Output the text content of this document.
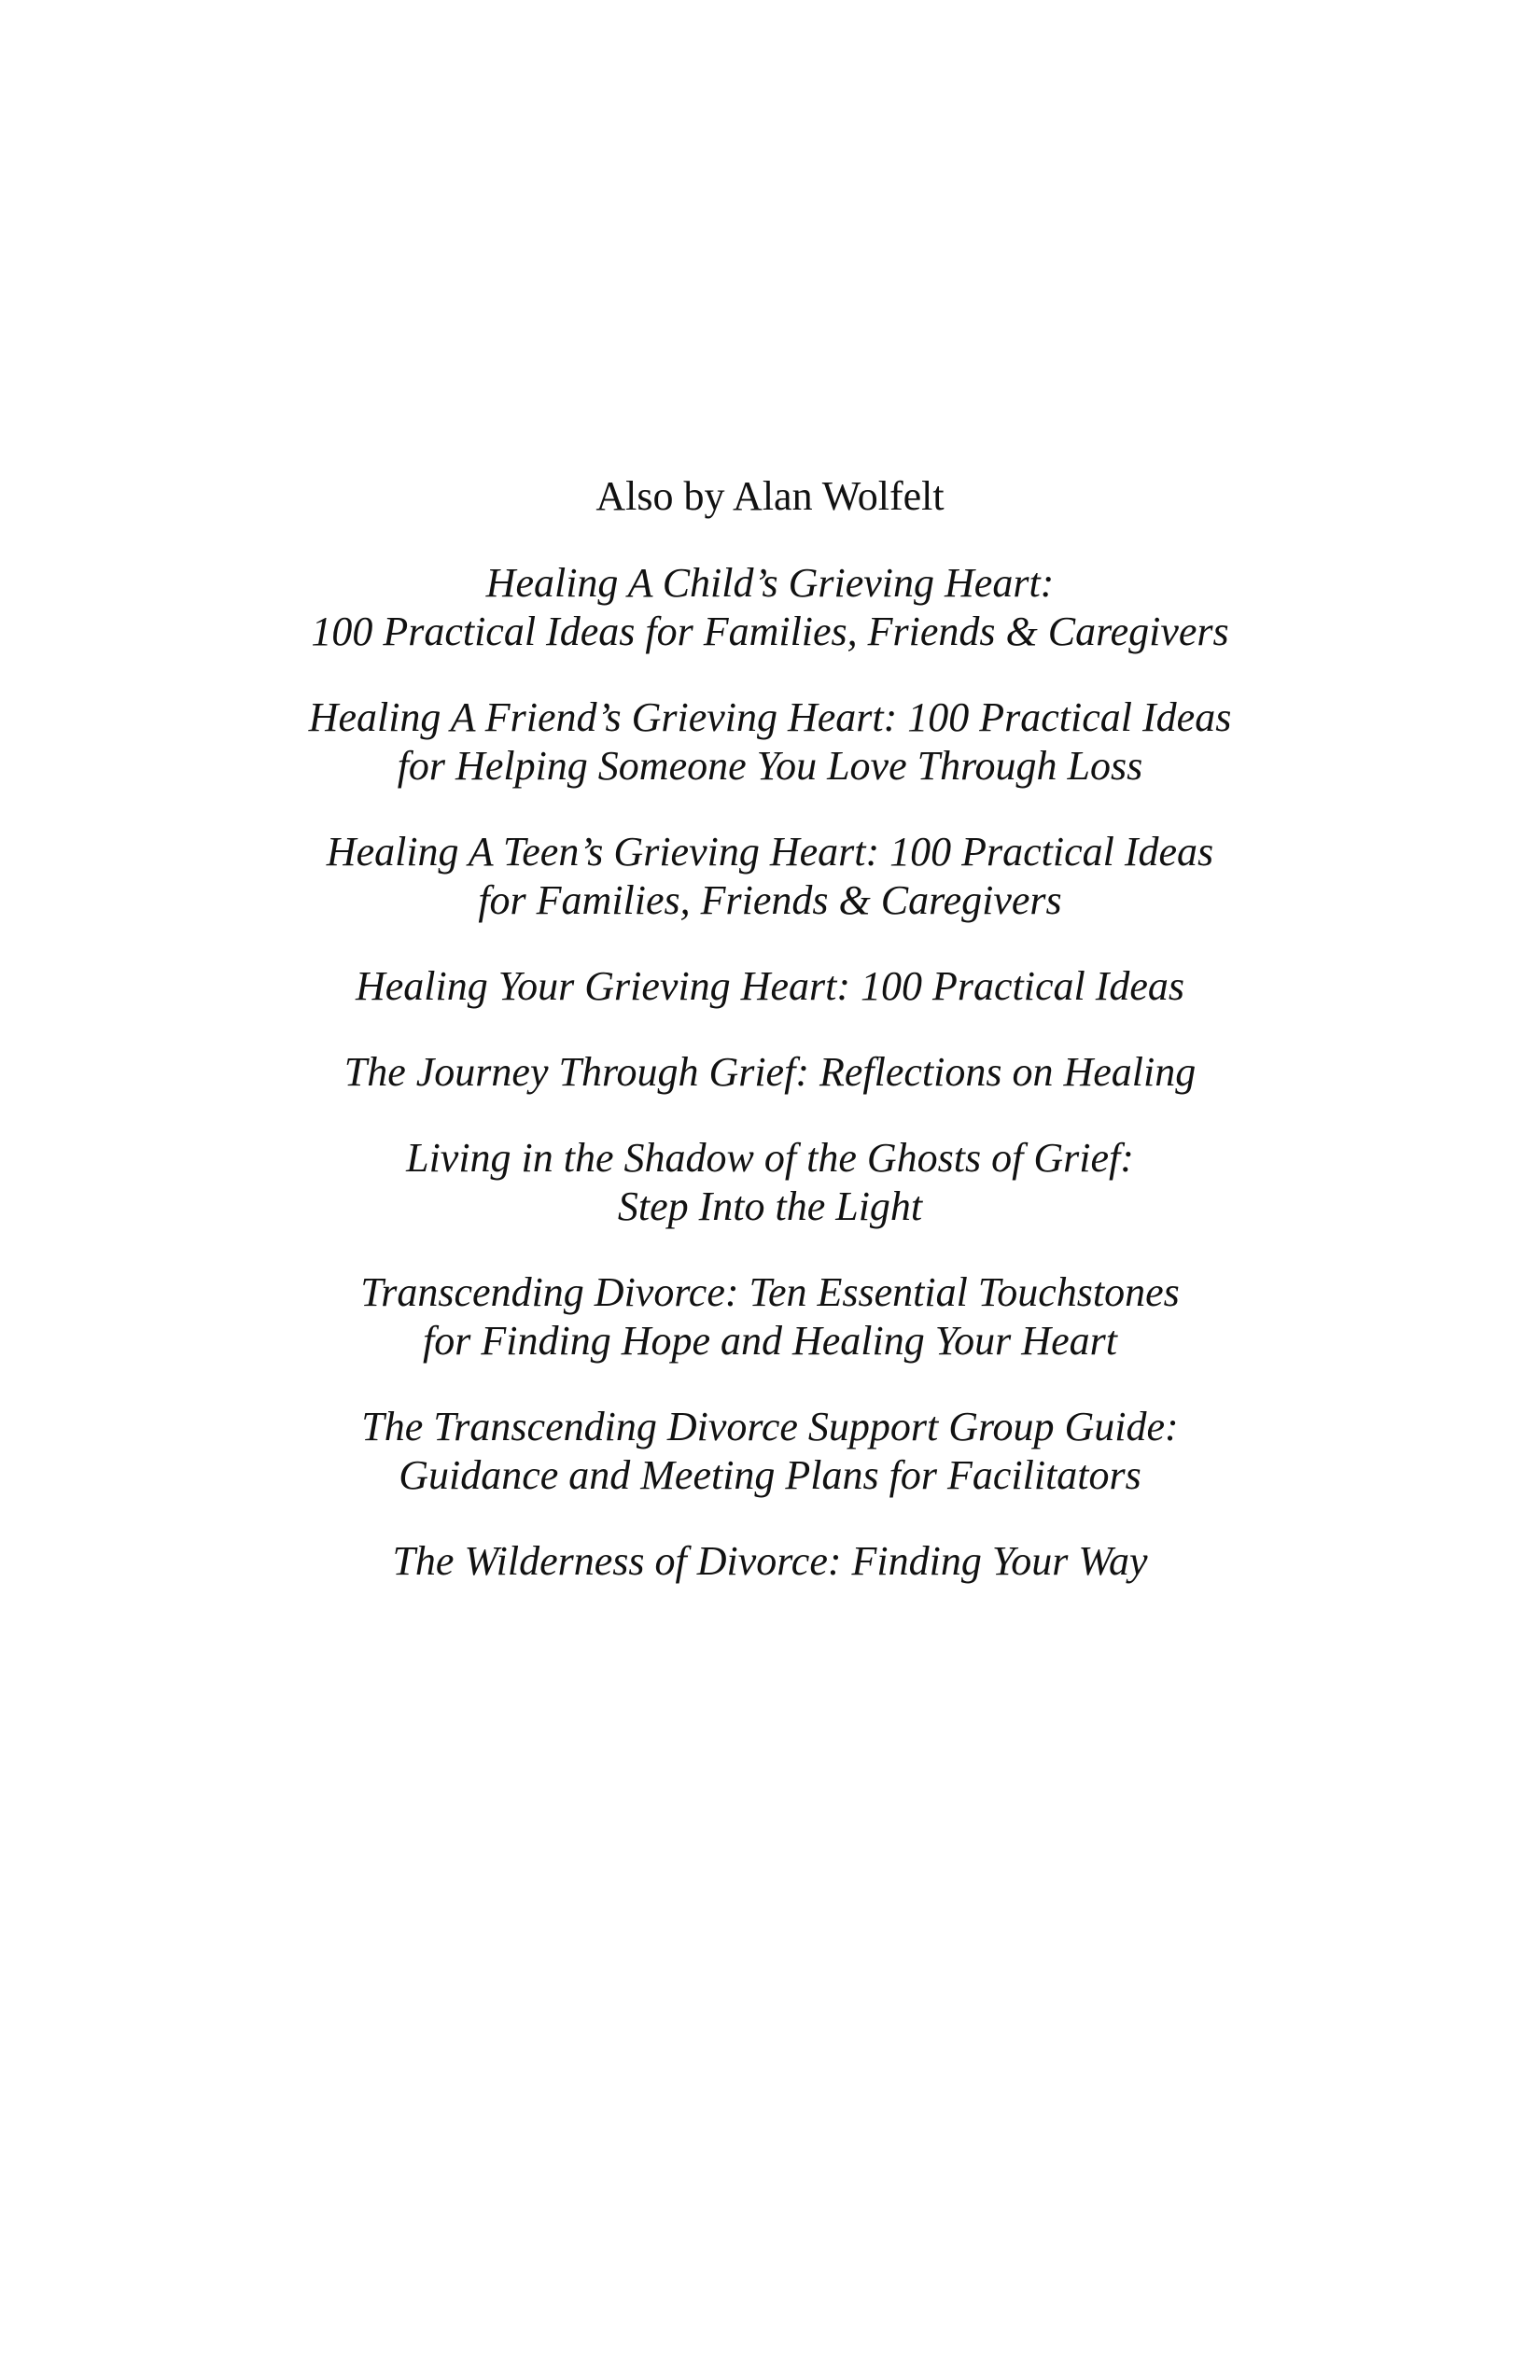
Also by Alan Wolfelt
Healing A Child’s Grieving Heart:
100 Practical Ideas for Families, Friends & Caregivers
Healing A Friend’s Grieving Heart: 100 Practical Ideas
for Helping Someone You Love Through Loss
Healing A Teen’s Grieving Heart: 100 Practical Ideas
for Families, Friends & Caregivers
Healing Your Grieving Heart: 100 Practical Ideas
The Journey Through Grief: Reflections on Healing
Living in the Shadow of the Ghosts of Grief:
Step Into the Light
Transcending Divorce: Ten Essential Touchstones
for Finding Hope and Healing Your Heart
The Transcending Divorce Support Group Guide:
Guidance and Meeting Plans for Facilitators
The Wilderness of Divorce: Finding Your Way
